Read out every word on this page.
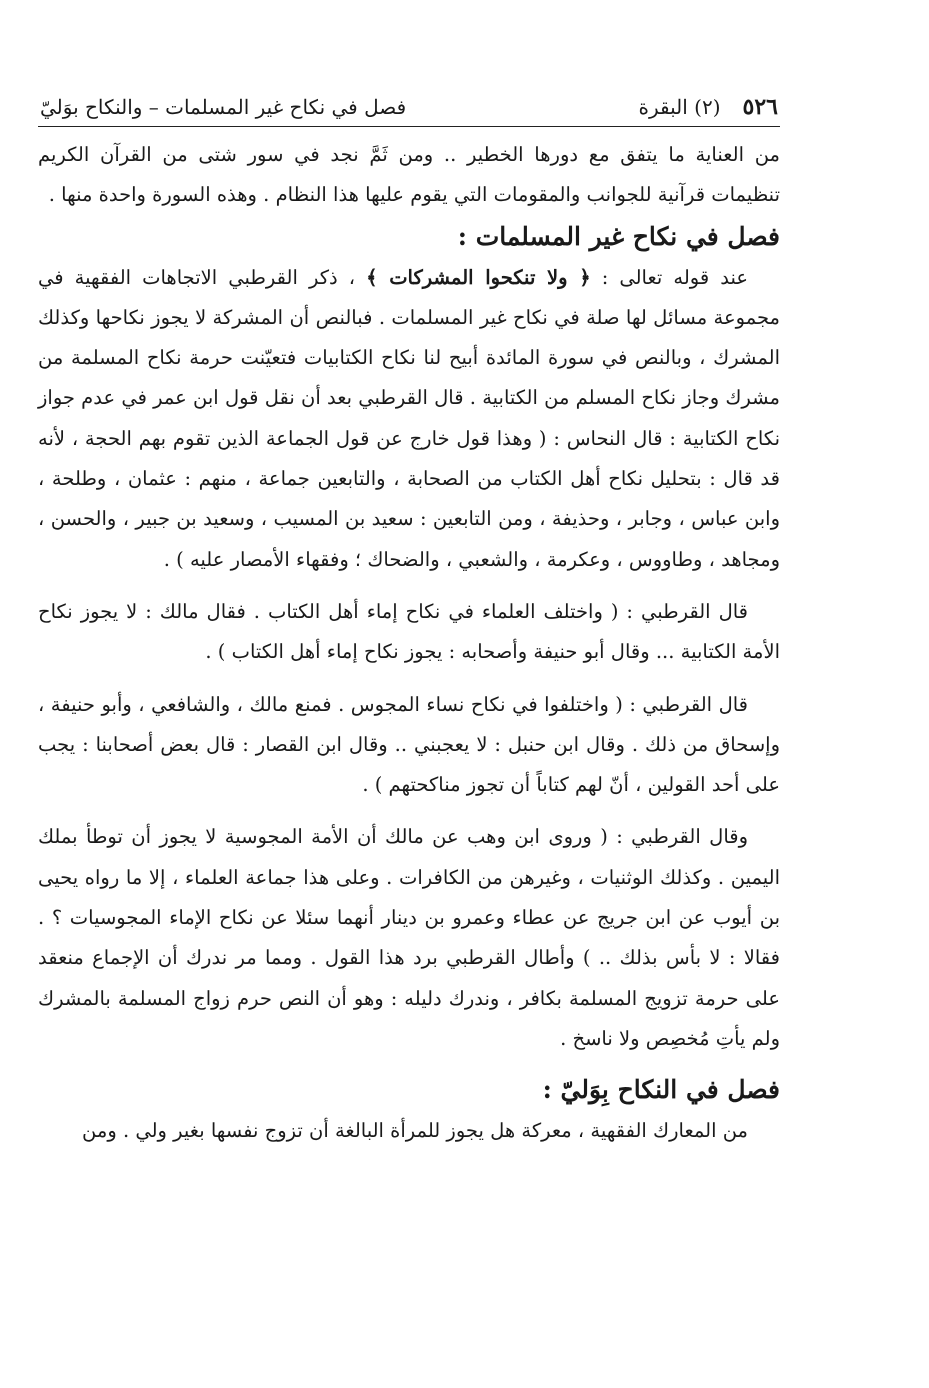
٥٢٦
(٢) البقرة
فصل في نكاح غير المسلمات – والنكاح بوَليّ

من العناية ما يتفق مع دورها الخطير .. ومن ثَمَّ نجد في سور شتى من القرآن الكريم تنظيمات قرآنية للجوانب والمقومات التي يقوم عليها هذا النظام . وهذه السورة واحدة منها .

فصل في نكاح غير المسلمات :

عند قوله تعالى : ﴿ ولا تنكحوا المشركات ﴾ ، ذكر القرطبي الاتجاهات الفقهية في مجموعة مسائل لها صلة في نكاح غير المسلمات . فبالنص أن المشركة لا يجوز نكاحها وكذلك المشرك ، وبالنص في سورة المائدة أبيح لنا نكاح الكتابيات فتعيّنت حرمة نكاح المسلمة من مشرك وجاز نكاح المسلم من الكتابية . قال القرطبي بعد أن نقل قول ابن عمر في عدم جواز نكاح الكتابية : قال النحاس : ( وهذا قول خارج عن قول الجماعة الذين تقوم بهم الحجة ، لأنه قد قال : بتحليل نكاح أهل الكتاب من الصحابة ، والتابعين جماعة ، منهم : عثمان ، وطلحة ، وابن عباس ، وجابر ، وحذيفة ، ومن التابعين : سعيد بن المسيب ، وسعيد بن جبير ، والحسن ، ومجاهد ، وطاووس ، وعكرمة ، والشعبي ، والضحاك ؛ وفقهاء الأمصار عليه ) .

قال القرطبي : ( واختلف العلماء في نكاح إماء أهل الكتاب . فقال مالك : لا يجوز نكاح الأمة الكتابية ... وقال أبو حنيفة وأصحابه : يجوز نكاح إماء أهل الكتاب ) .

قال القرطبي : ( واختلفوا في نكاح نساء المجوس . فمنع مالك ، والشافعي ، وأبو حنيفة ، وإسحاق من ذلك . وقال ابن حنبل : لا يعجبني .. وقال ابن القصار : قال بعض أصحابنا : يجب على أحد القولين ، أنّ لهم كتاباً أن تجوز مناكحتهم ) .

وقال القرطبي : ( وروى ابن وهب عن مالك أن الأمة المجوسية لا يجوز أن توطأ بملك اليمين . وكذلك الوثنيات ، وغيرهن من الكافرات . وعلى هذا جماعة العلماء ، إلا ما رواه يحيى بن أيوب عن ابن جريج عن عطاء وعمرو بن دينار أنهما سئلا عن نكاح الإماء المجوسيات ؟ . فقالا : لا بأس بذلك .. ) وأطال القرطبي برد هذا القول . ومما مر ندرك أن الإجماع منعقد على حرمة تزويج المسلمة بكافر ، وندرك دليله : وهو أن النص حرم زواج المسلمة بالمشرك ولم يأتِ مُخصِص ولا ناسخ .

فصل في النكاح بِوَليّ :

من المعارك الفقهية ، معركة هل يجوز للمرأة البالغة أن تزوج نفسها بغير ولي . ومن
